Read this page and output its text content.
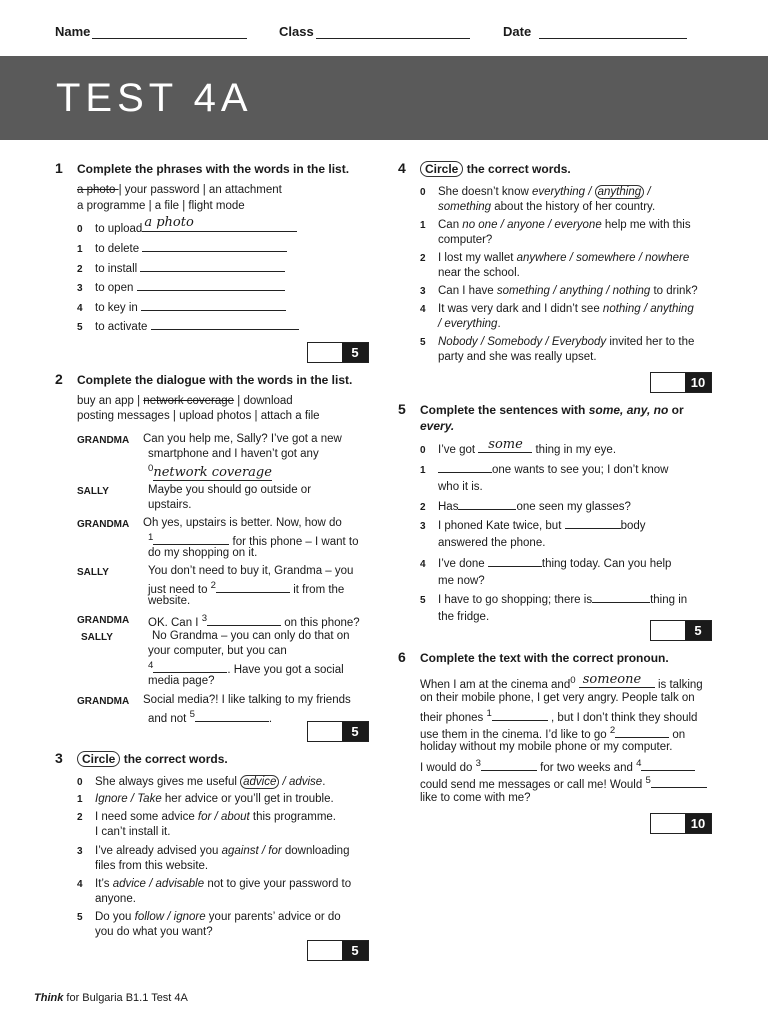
Name	Class	Date
TEST 4A
1 Complete the phrases with the words in the list.
a photo | your password | an attachment
a programme | a file | flight mode
0 to upload a photo
1 to delete
2 to install
3 to open
4 to key in
5 to activate
5
2 Complete the dialogue with the words in the list.
buy an app | network coverage | download
posting messages | upload photos | attach a file
GRANDMA Can you help me, Sally? I’ve got a new
smartphone and I haven’t got any
$^0$network coverage
SALLY	Maybe you should go outside or
upstairs.
GRANDMA Oh yes, upstairs is better. Now, how do
$^1$	for this phone – I want to
do my shopping on it.
SALLY	You don’t need to buy it, Grandma – you
just need to $^2$	it from the
website.
GRANDMA OK. Can I $^3$	on this phone?
SALLY	No Grandma – you can only do that on
your computer, but you can
$^4$	. Have you got a social
media page?
GRANDMA Social media?! I like talking to my friends
and not $^5$	.
5
3	Circle the correct words.
0 She always gives me useful advice / advise.
1 Ignore / Take her advice or you’ll get in trouble.
2 I need some advice for / about this programme.
I can’t install it.
3 I’ve already advised you against / for downloading
files from this website.
4 It’s advice / advisable not to give your password to
anyone.
5 Do you follow / ignore your parents’ advice or do
you do what you want?
5
4	Circle the correct words.
0 She doesn’t know everything / anything /
something about the history of her country.
1 Can no one / anyone / everyone help me with this
computer?
2 I lost my wallet anywhere / somewhere / nowhere
near the school.
3 Can I have something / anything / nothing to drink?
4 It was very dark and I didn’t see nothing / anything
/ everything.
5 Nobody / Somebody / Everybody invited her to the
party and she was really upset.
10
5 Complete the sentences with some, any, no or
every.
0 I’ve got some thing in my eye.
1	one wants to see you; I don’t know
who it is.
2 Has	one seen my glasses?
3 I phoned Kate twice, but	body
answered the phone.
4 I’ve done	thing today. Can you help
me now?
5 I have to go shopping; there is	thing in
the fridge.
5
6 Complete the text with the correct pronoun.
When I am at the cinema and$^0$ someone is talking
on their mobile phone, I get very angry. People talk on
their phones $^1$	, but I don’t think they should
use them in the cinema. I’d like to go $^2$	on
holiday without my mobile phone or my computer.
I would do $^3$	for two weeks and $^4$
could send me messages or call me! Would $^5$
like to come with me?
10
Think for Bulgaria B1.1 Test 4A
